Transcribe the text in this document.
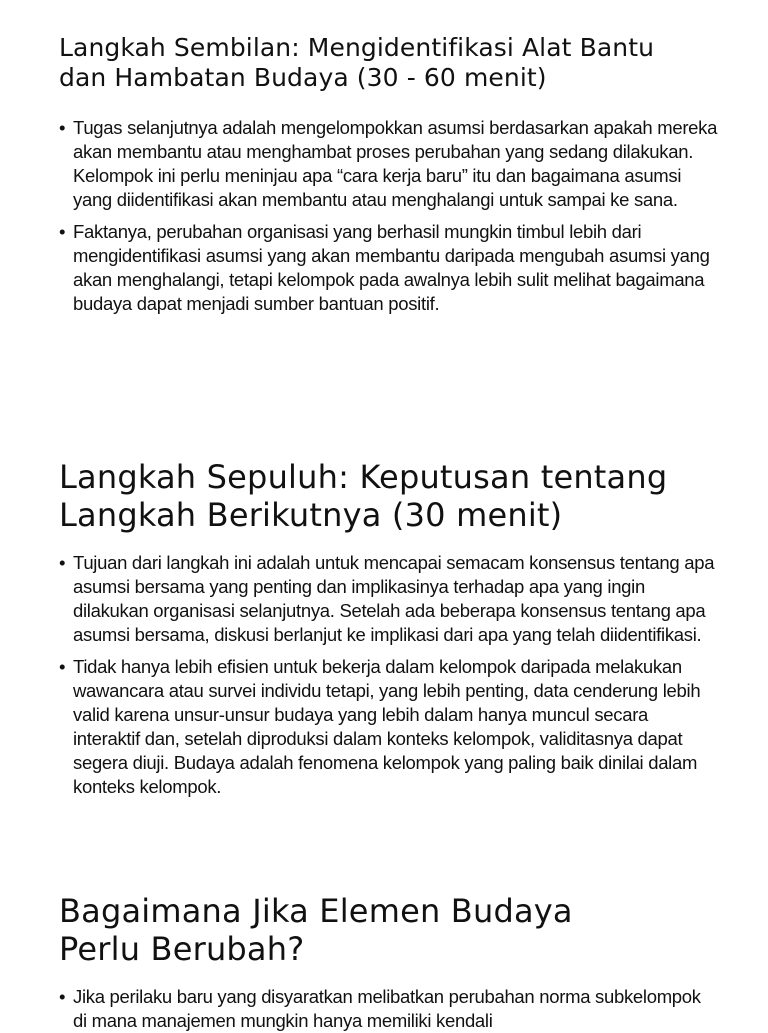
Langkah Sembilan: Mengidentifikasi Alat Bantu
dan Hambatan Budaya (30 - 60 menit)
• Tugas selanjutnya adalah mengelompokkan asumsi berdasarkan apakah mereka akan membantu atau menghambat proses perubahan yang sedang dilakukan. Kelompok ini perlu meninjau apa “cara kerja baru” itu dan bagaimana asumsi yang diidentifikasi akan membantu atau menghalangi untuk sampai ke sana.
• Faktanya, perubahan organisasi yang berhasil mungkin timbul lebih dari mengidentifikasi asumsi yang akan membantu daripada mengubah asumsi yang akan menghalangi, tetapi kelompok pada awalnya lebih sulit melihat bagaimana budaya dapat menjadi sumber bantuan positif.
Langkah Sepuluh: Keputusan tentang
Langkah Berikutnya (30 menit)
• Tujuan dari langkah ini adalah untuk mencapai semacam konsensus tentang apa asumsi bersama yang penting dan implikasinya terhadap apa yang ingin dilakukan organisasi selanjutnya. Setelah ada beberapa konsensus tentang apa asumsi bersama, diskusi berlanjut ke implikasi dari apa yang telah diidentifikasi.
• Tidak hanya lebih efisien untuk bekerja dalam kelompok daripada melakukan wawancara atau survei individu tetapi, yang lebih penting, data cenderung lebih valid karena unsur-unsur budaya yang lebih dalam hanya muncul secara interaktif dan, setelah diproduksi dalam konteks kelompok, validitasnya dapat segera diuji. Budaya adalah fenomena kelompok yang paling baik dinilai dalam konteks kelompok.
Bagaimana Jika Elemen Budaya
Perlu Berubah?
• Jika perilaku baru yang disyaratkan melibatkan perubahan norma subkelompok di mana manajemen mungkin hanya memiliki kendali
